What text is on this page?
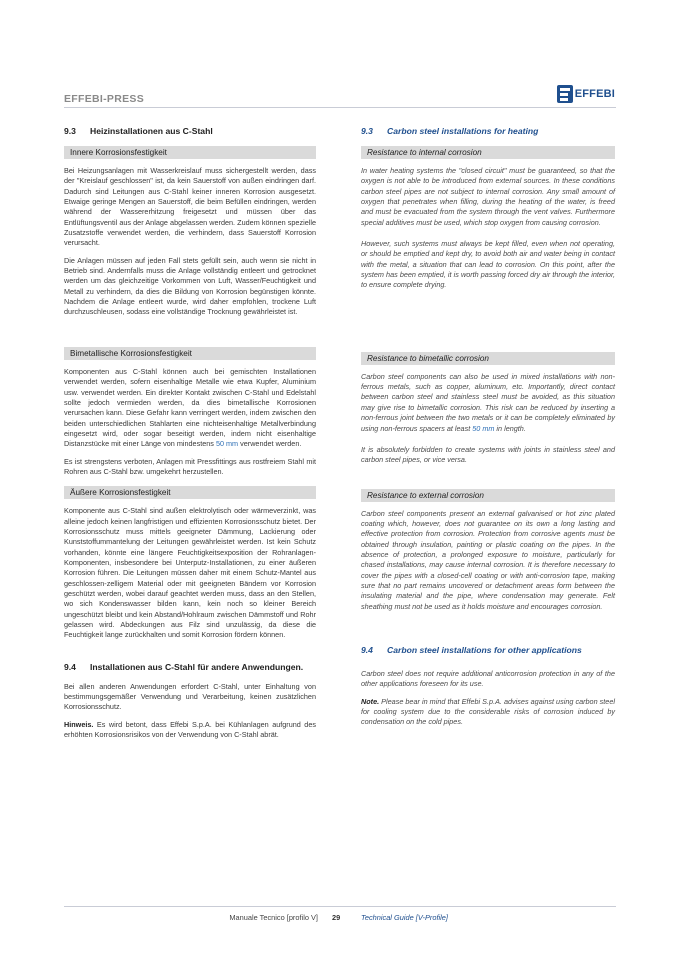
EFFEBI-PRESS	EFFEBI
9.3	Heizinstallationen aus C-Stahl
Innere Korrosionsfestigkeit

Bei Heizungsanlagen mit Wasserkreislauf muss sichergestellt werden, dass der "Kreislauf geschlossen" ist, da kein Sauerstoff von außen eindringen darf. Dadurch sind Leitungen aus C-Stahl keiner inneren Korrosion ausgesetzt. Etwaige geringe Mengen an Sauerstoff, die beim Befüllen eindringen, werden während der Wassererhitzung freigesetzt und müssen über das Entlüftungsventil aus der Anlage abgelassen werden. Zudem können spezielle Zusatzstoffe verwendet werden, die verhindern, dass Sauerstoff Korrosion verursacht.

Die Anlagen müssen auf jeden Fall stets gefüllt sein, auch wenn sie nicht in Betrieb sind. Andernfalls muss die Anlage vollständig entleert und getrocknet werden um das gleichzeitige Vorkommen von Luft, Wasser/Feuchtigkeit und Metall zu verhindern, da dies die Bildung von Korrosion begünstigen könnte. Nachdem die Anlage entleert wurde, wird daher empfohlen, trockene Luft durchzuschleusen, sodass eine vollständige Trocknung gewährleistet ist.

Bimetallische Korrosionsfestigkeit

Komponenten aus C-Stahl können auch bei gemischten Installationen verwendet werden, sofern eisenhaltige Metalle wie etwa Kupfer, Aluminium usw. verwendet werden. Ein direkter Kontakt zwischen C-Stahl und Edelstahl sollte jedoch vermieden werden, da dies bimetallische Korrosionen verursachen kann. Diese Gefahr kann verringert werden, indem zwischen den beiden unterschiedlichen Stahlarten eine nichteisenhaltige Metallverbindung eingesetzt wird, oder sogar beseitigt werden, indem nicht eisenhaltige Distanzstücke mit einer Länge von mindestens 50 mm verwendet werden.

Es ist strengstens verboten, Anlagen mit Pressfittings aus rostfreiem Stahl mit Rohren aus C-Stahl bzw. umgekehrt herzustellen.

Äußere Korrosionsfestigkeit

Komponente aus C-Stahl sind außen elektrolytisch oder wärmeverzinkt, was alleine jedoch keinen langfristigen und effizienten Korrosionsschutz bietet. Der Korrosionsschutz muss mittels geeigneter Dämmung, Lackierung oder Kunststoffummantelung der Leitungen gewährleistet werden. Ist kein Schutz vorhanden, könnte eine längere Feuchtigkeitsexposition der Rohranlagen-Komponenten, insbesondere bei Unterputz-Installationen, zu einer äußeren Korrosion führen. Die Leitungen müssen daher mit einem Schutz-Mantel aus geschlossen-zelligem Material oder mit geeigneten Bändern vor Korrosion geschützt werden, wobei darauf geachtet werden muss, dass an den Stellen, wo sich Kondenswasser bilden kann, kein noch so kleiner Bereich ungeschützt bleibt und kein Abstand/Hohlraum zwischen Dämmstoff und Rohr gelassen wird. Abdeckungen aus Filz sind unzulässig, da diese die Feuchtigkeit lange zurückhalten und somit Korrosion fördern können.

9.4	Installationen aus C-Stahl für andere Anwendungen.

Bei allen anderen Anwendungen erfordert C-Stahl, unter Einhaltung von bestimmungsgemäßer Verwendung und Verarbeitung, keinen zusätzlichen Korrosionsschutz.

Hinweis. Es wird betont, dass Effebi S.p.A. bei Kühlanlagen aufgrund des erhöhten Korrosionsrisikos von der Verwendung von C-Stahl abrät.

9.3	Carbon steel installations for heating
Resistance to internal corrosion

In water heating systems the "closed circuit" must be guaranteed, so that the oxygen is not able to be introduced from external sources. In these conditions carbon steel pipes are not subject to internal corrosion. Any small amount of oxygen that penetrates when filling, during the heating of the water, is freed and must be evacuated from the system through the vent valves. Furthermore special additives must be used, which stop oxygen from causing corrosion.

However, such systems must always be kept filled, even when not operating, or should be emptied and kept dry, to avoid both air and water being in contact with the metal, a situation that can lead to corrosion. On this point, after the system has been emptied, it is worth passing forced dry air through the interior, to ensure complete drying.

Resistance to bimetallic corrosion

Carbon steel components can also be used in mixed installations with non-ferrous metals, such as copper, aluminum, etc. Importantly, direct contact between carbon steel and stainless steel must be avoided, as this situation may give rise to bimetallic corrosion. This risk can be reduced by inserting a non-ferrous joint between the two metals or it can be completely eliminated by using non-ferrous spacers at least 50 mm in length.

It is absolutely forbidden to create systems with joints in stainless steel and carbon steel pipes, or vice versa.

Resistance to external corrosion

Carbon steel components present an external galvanised or hot zinc plated coating which, however, does not guarantee on its own a long lasting and effective protection from corrosion. Protection from corrosive agents must be obtained through insulation, painting or plastic coating on the pipes. In the absence of protection, a prolonged exposure to moisture, particularly for chased installations, may cause internal corrosion. It is therefore necessary to cover the pipes with a closed-cell coating or with anti-corrosion tape, making sure that no part remains uncovered or detachment areas form between the insulating material and the pipe, where condensation may generate. Felt sheathing must not be used as it holds moisture and encourages corrosion.

9.4	Carbon steel installations for other applications

Carbon steel does not require additional anticorrosion protection in any of the other applications foreseen for its use.

Note. Please bear in mind that Effebi S.p.A. advises against using carbon steel for cooling system due to the considerable risks of corrosion induced by condensation on the cold pipes.

Manuale Tecnico [profilo V] 29	Technical Guide [V-Profile]
